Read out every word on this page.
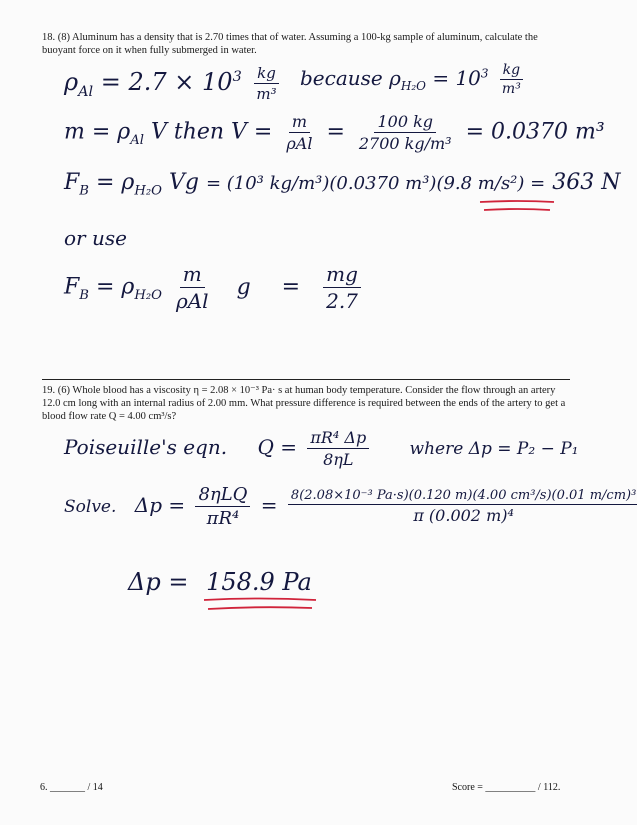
18. (8) Aluminum has a density that is 2.70 times that of water. Assuming a 100-kg sample of aluminum, calculate the buoyant force on it when fully submerged in water.
$\rho_{Al} = 2.7 \times 10^3 \frac{kg}{\text{m³}}$ because $\rho_{H_2O} = 10^3 \frac{kg}{\text{m³}}$
$m = \rho_{Al}$ V then $V = \frac{m}{\text{ρAl}} = \frac{100 kg}{\text{2700 kg/m³}} = 0.0370$ m³
$F_B = \rho_{H_2O}$ Vg = (10³ kg/m³)(0.0370 m³)(9.8 m/s²) = 363 N
or use
$F_B = \rho_{H_2O} \frac{m}{\text{ρAl}}$ $g = \frac{mg}{2.7}$
19. (6) Whole blood has a viscosity η = 2.08 × 10⁻³ Pa· s at human body temperature. Consider the flow through an artery 12.0 cm long with an internal radius of 2.00 mm. What pressure difference is required between the ends of the artery to get a blood flow rate Q = 4.00 cm³/s?
Poiseuille's eqn. $Q = \frac{\text{πR⁴ Δp}}{8\eta L}$ where Δp = P₂ − P₁
Solve. $\Delta p = \frac{\text{8ηLQ}}{\text{πR⁴}} = \frac{\text{8(2.08×10⁻³ Pa·s)(0.120 m)(4.00 cm³/s)(0.01 m/cm)³}}{\text{π (0.002 m)⁴}}$
Δp = 158.9 Pa
6. _______ / 14	Score = __________ / 112.
